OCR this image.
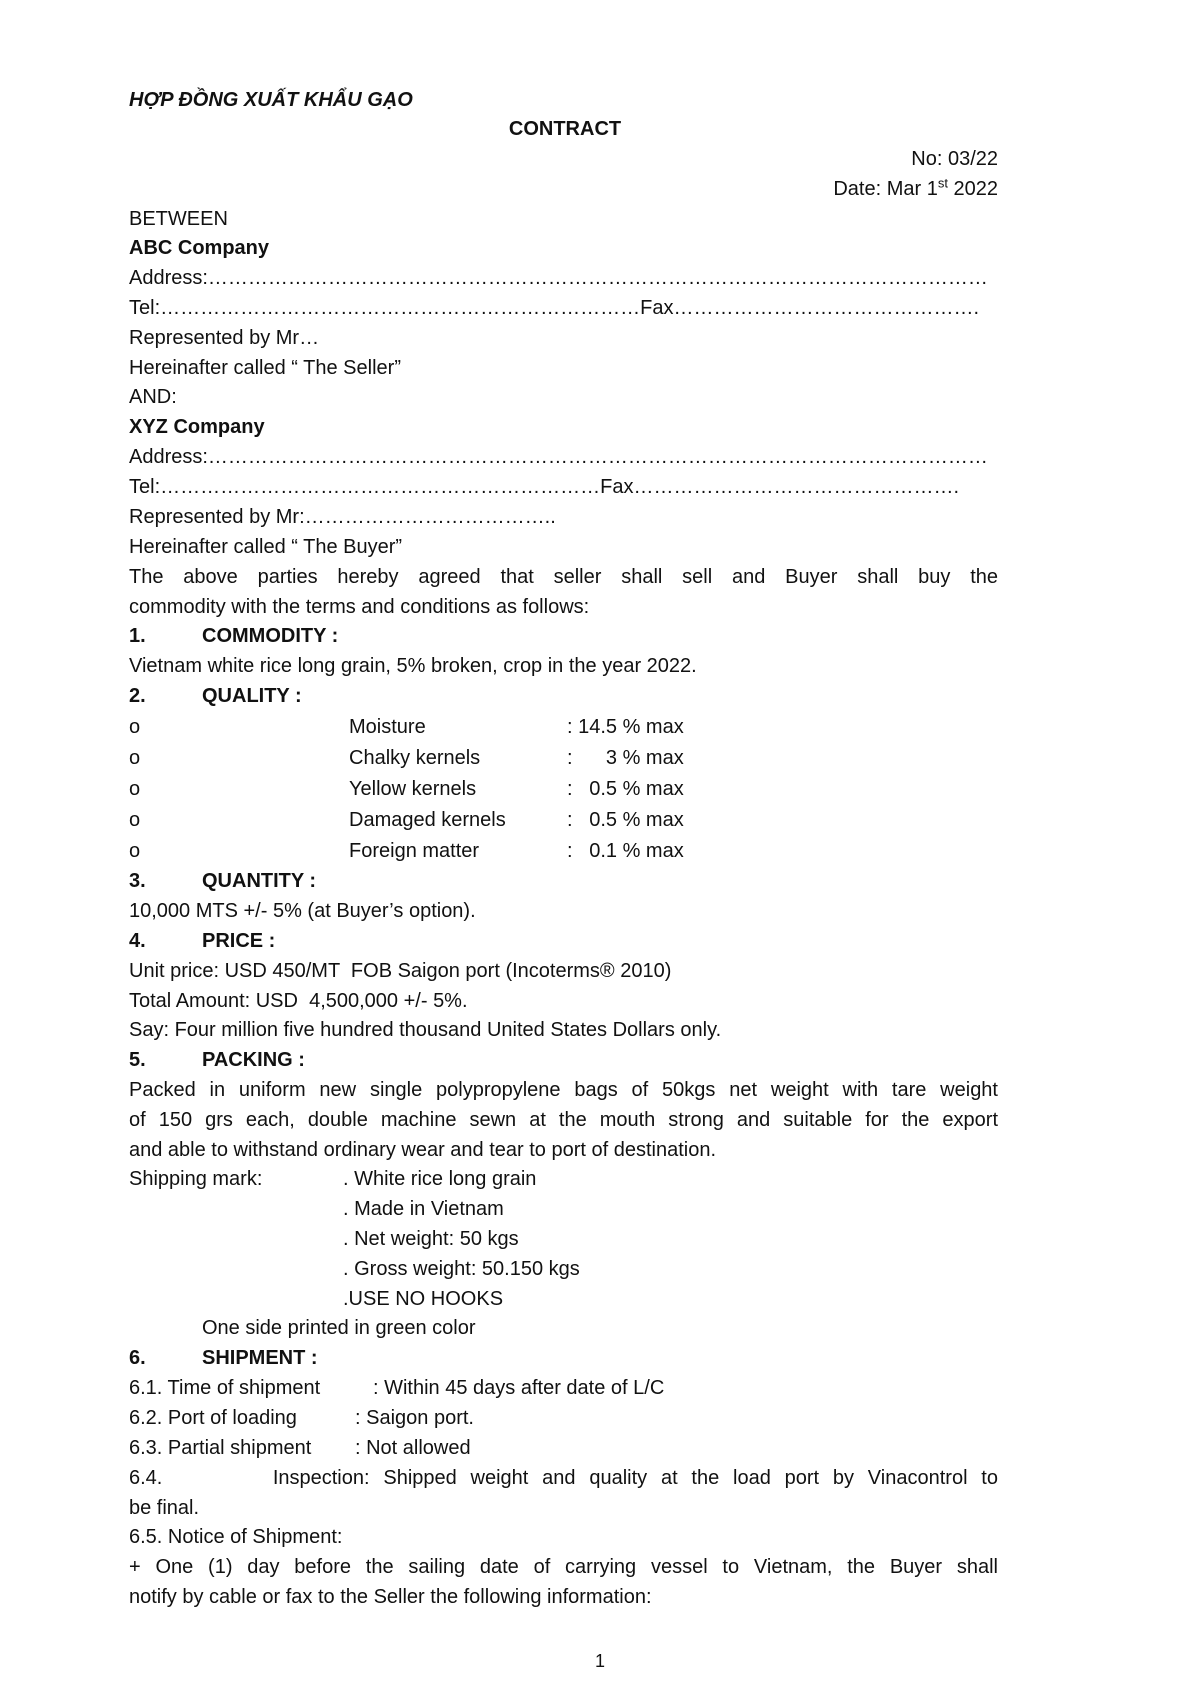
HỢP ĐỒNG XUẤT KHẨU GẠO
CONTRACT
No: 03/22
Date: Mar 1st 2022
BETWEEN
ABC Company
Address:………………………………………………………………………………………………………
Tel:………………………………………………………………Fax……………………………………….
Represented by Mr…
Hereinafter called “ The Seller”
AND:
XYZ Company
Address:………………………………………………………………………………………………………
Tel:…………………………………………………………Fax………………………………………….
Represented by Mr:………………………………..
Hereinafter called “ The Buyer”
The above parties hereby agreed that seller shall sell and Buyer shall buy the
commodity with the terms and conditions as follows:
1.	COMMODITY :
Vietnam white rice long grain, 5% broken, crop in the year 2022.
2.	QUALITY :
o	Moisture	: 14.5 % max
o	Chalky kernels	:      3 % max
o	Yellow kernels	:   0.5 % max
o	Damaged kernels	:   0.5 % max
o	Foreign matter	:   0.1 % max
3.	QUANTITY :
10,000 MTS +/- 5% (at Buyer’s option).
4.	PRICE :
Unit price: USD 450/MT  FOB Saigon port (Incoterms® 2010)
Total Amount: USD  4,500,000 +/- 5%.
Say: Four million five hundred thousand United States Dollars only.
5.	PACKING :
Packed in uniform new single polypropylene bags of 50kgs net weight with tare weight
of 150 grs each, double machine sewn at the mouth strong and suitable for the export
and able to withstand ordinary wear and tear to port of destination.
Shipping mark:	. White rice long grain
. Made in Vietnam
. Net weight: 50 kgs
. Gross weight: 50.150 kgs
.USE NO HOOKS
One side printed in green color
6.	SHIPMENT :
6.1. Time of shipment	: Within 45 days after date of L/C
6.2. Port of loading	: Saigon port.
6.3. Partial shipment : Not allowed
6.4. Inspection: Shipped weight and quality at the load port by Vinacontrol to
be final.
6.5. Notice of Shipment:
+ One (1) day before the sailing date of carrying vessel to Vietnam, the Buyer shall
notify by cable or fax to the Seller the following information:
1
